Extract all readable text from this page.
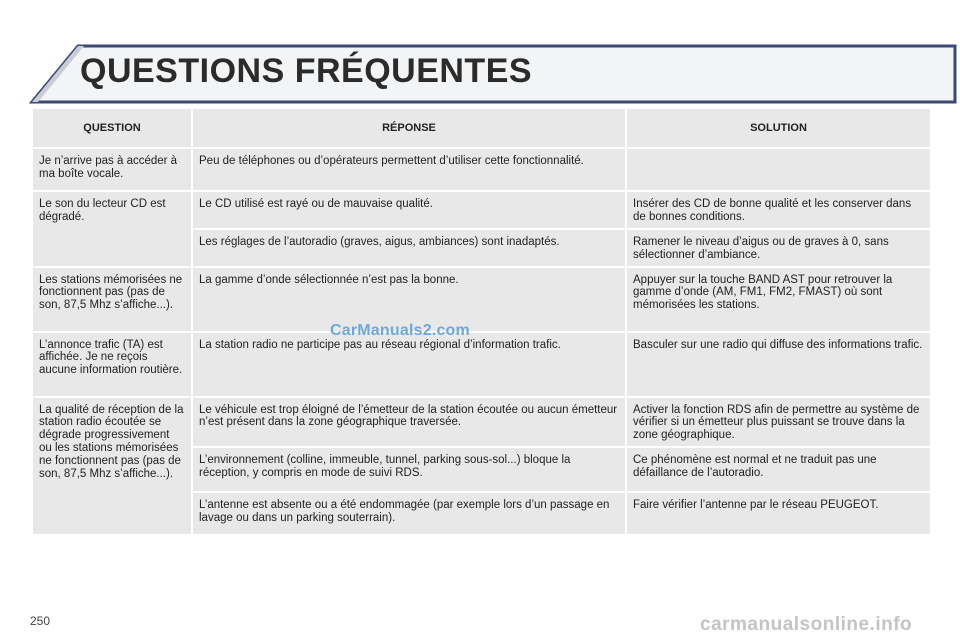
QUESTIONS FRÉQUENTES
QUESTION	RÉPONSE	SOLUTION
Je n’arrive pas à accéder à ma boîte vocale.	Peu de téléphones ou d’opérateurs permettent d’utiliser cette fonctionnalité.	
Le son du lecteur CD est dégradé.	Le CD utilisé est rayé ou de mauvaise qualité.	Insérer des CD de bonne qualité et les conserver dans de bonnes conditions.
	Les réglages de l’autoradio (graves, aigus, ambiances) sont inadaptés.	Ramener le niveau d’aigus ou de graves à 0, sans sélectionner d’ambiance.
Les stations mémorisées ne fonctionnent pas (pas de son, 87,5 Mhz s’affiche...).	La gamme d’onde sélectionnée n’est pas la bonne.	Appuyer sur la touche BAND AST pour retrouver la gamme d’onde (AM, FM1, FM2, FMAST) où sont mémorisées les stations.
L’annonce trafic (TA) est affichée. Je ne reçois aucune information routière.	La station radio ne participe pas au réseau régional d’information trafic.	Basculer sur une radio qui diffuse des informations trafic.
La qualité de réception de la station radio écoutée se dégrade progressivement ou les stations mémorisées ne fonctionnent pas (pas de son, 87,5 Mhz s’affiche...).	Le véhicule est trop éloigné de l’émetteur de la station écoutée ou aucun émetteur n’est présent dans la zone géographique traversée.	Activer la fonction RDS afin de permettre au système de vérifier si un émetteur plus puissant se trouve dans la zone géographique.
	L’environnement (colline, immeuble, tunnel, parking sous-sol...) bloque la réception, y compris en mode de suivi RDS.	Ce phénomène est normal et ne traduit pas une défaillance de l’autoradio.
	L’antenne est absente ou a été endommagée (par exemple lors d’un passage en lavage ou dans un parking souterrain).	Faire vérifier l’antenne par le réseau PEUGEOT.
CarManuals2.com
250	carmanualsonline.info
